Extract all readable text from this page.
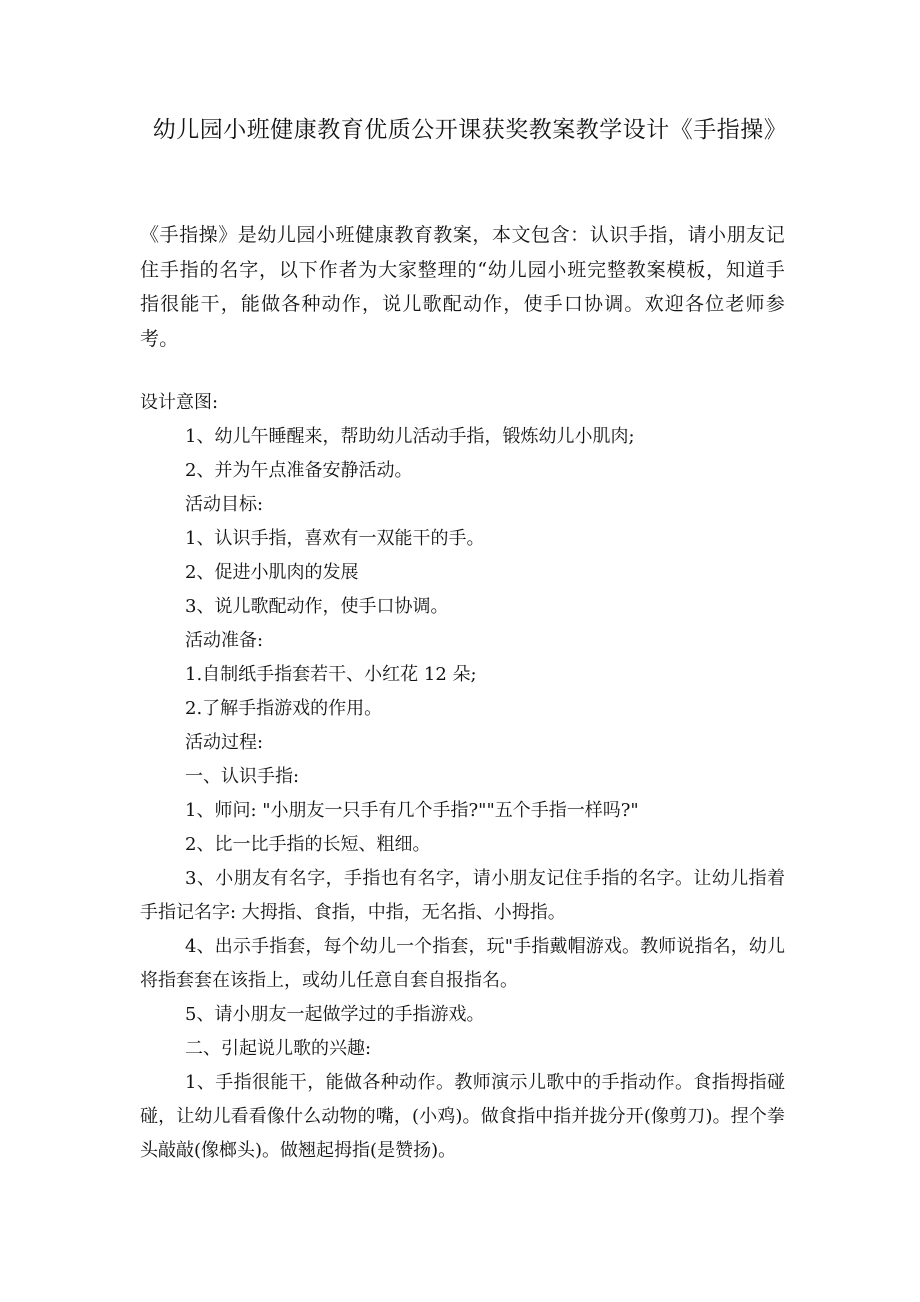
幼儿园小班健康教育优质公开课获奖教案教学设计《手指操》

《手指操》是幼儿园小班健康教育教案，本文包含：认识手指，请小朋友记住手指的名字，以下作者为大家整理的“幼儿园小班完整教案模板，知道手指很能干，能做各种动作，说儿歌配动作，使手口协调。欢迎各位老师参考。

设计意图:

1、幼儿午睡醒来，帮助幼儿活动手指，锻炼幼儿小肌肉;

2、并为午点准备安静活动。

活动目标:

1、认识手指，喜欢有一双能干的手。

2、促进小肌肉的发展

3、说儿歌配动作，使手口协调。

活动准备:

1.自制纸手指套若干、小红花 12 朵;

2.了解手指游戏的作用。

活动过程:

一、认识手指:

1、师问: "小朋友一只手有几个手指?""五个手指一样吗?"

2、比一比手指的长短、粗细。

3、小朋友有名字，手指也有名字，请小朋友记住手指的名字。让幼儿指着手指记名字: 大拇指、食指，中指，无名指、小拇指。

4、出示手指套，每个幼儿一个指套，玩"手指戴帽游戏。教师说指名，幼儿将指套套在该指上，或幼儿任意自套自报指名。

5、请小朋友一起做学过的手指游戏。

二、引起说儿歌的兴趣:

1、手指很能干，能做各种动作。教师演示儿歌中的手指动作。食指拇指碰碰，让幼儿看看像什么动物的嘴，(小鸡)。做食指中指并拢分开(像剪刀)。捏个拳头敲敲(像榔头)。做翘起拇指(是赞扬)。
